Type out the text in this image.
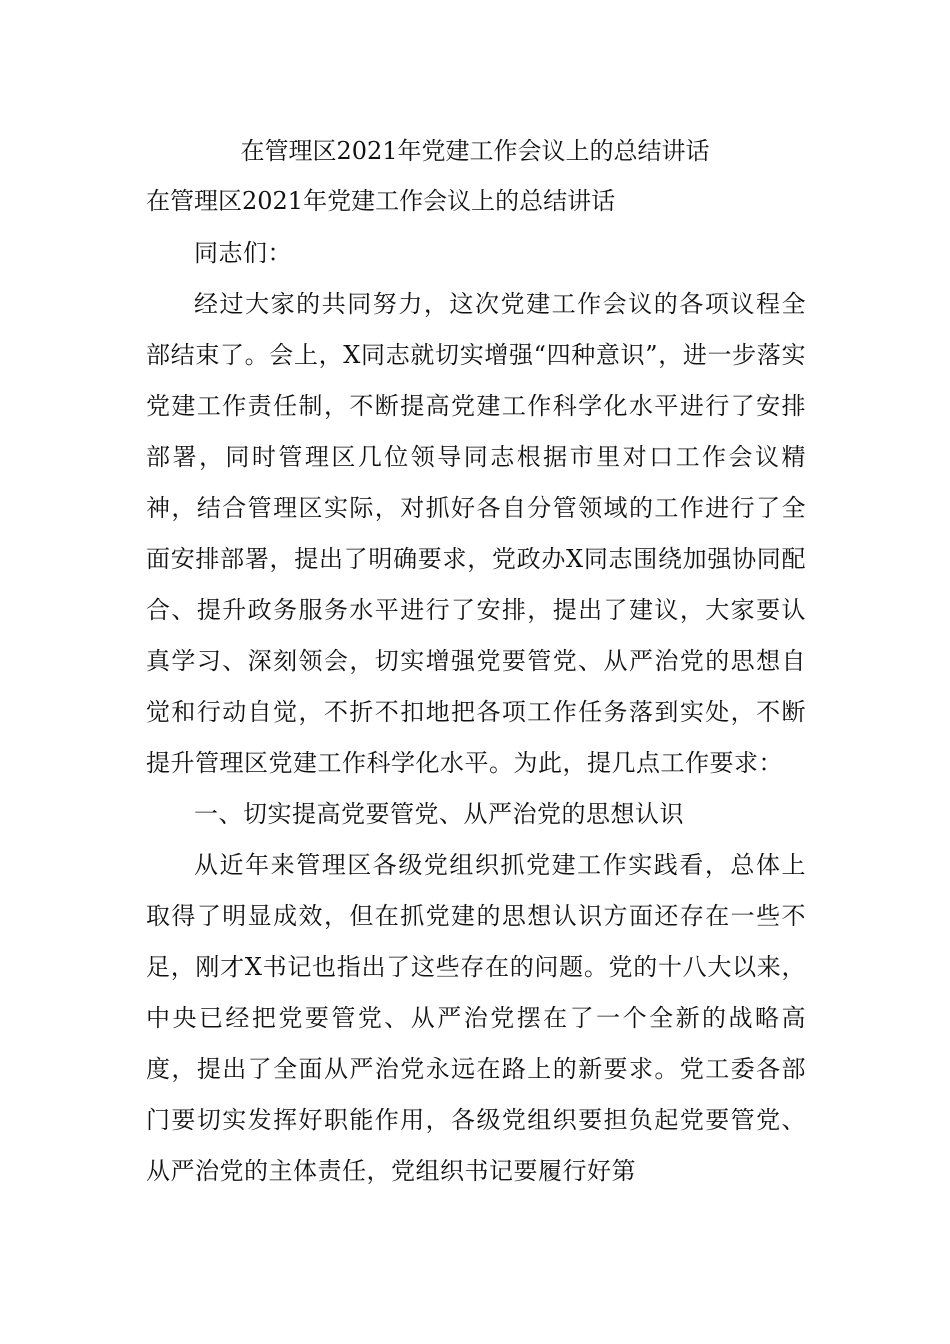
在管理区2021年党建工作会议上的总结讲话
在管理区2021年党建工作会议上的总结讲话

同志们：

经过大家的共同努力，这次党建工作会议的各项议程全部结束了。会上，X同志就切实增强“四种意识”，进一步落实党建工作责任制，不断提高党建工作科学化水平进行了安排部署，同时管理区几位领导同志根据市里对口工作会议精神，结合管理区实际，对抓好各自分管领域的工作进行了全面安排部署，提出了明确要求，党政办X同志围绕加强协同配合、提升政务服务水平进行了安排，提出了建议，大家要认真学习、深刻领会，切实增强党要管党、从严治党的思想自觉和行动自觉，不折不扣地把各项工作任务落到实处，不断提升管理区党建工作科学化水平。为此，提几点工作要求：

一、切实提高党要管党、从严治党的思想认识

从近年来管理区各级党组织抓党建工作实践看，总体上取得了明显成效，但在抓党建的思想认识方面还存在一些不足，刚才X书记也指出了这些存在的问题。党的十八大以来，中央已经把党要管党、从严治党摆在了一个全新的战略高度，提出了全面从严治党永远在路上的新要求。党工委各部门要切实发挥好职能作用，各级党组织要担负起党要管党、从严治党的主体责任，党组织书记要履行好第
